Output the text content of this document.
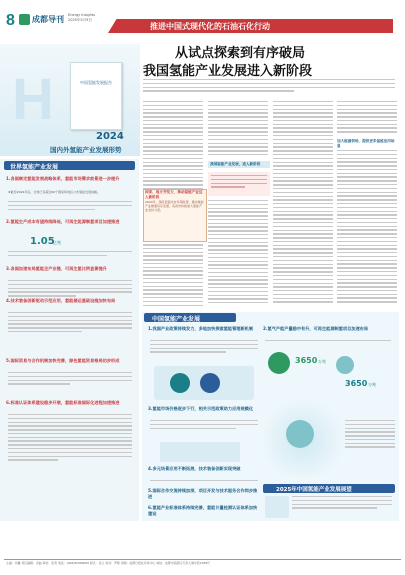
8 成都导刊 Energy Insights
2025年5月9日
推进中国式现代化的石油石化行动
从试点探索到有序破局
我国氢能产业发展进入新阶段
H	中国氢能发展报告
2024
国内外氢能产业发展形势
世界氢能产业发展
1.各国制定氢能发展战略体系，氢能市场需求前景进一步提升
★截至2024年底，全球已有超过60个国家和地区公布氢能发展战略。
2.氢能生产成本有望持续降低，可再生能源制氢项目加速推进
1.05
亿吨
3.各国加速布局氢能全产业链、可再生氢比例显著提升
4.技术装备创新驱动示范应用，氢能储运基础设施加快布局
5.国际贸易与合作机制加快完善，绿色氢能贸易格局初步形成
6.标准认证体系建设稳步开展，氢能标准国际化进程加速推进
国家、地方齐发力，推动氢能产业迈入新阶段
2024年，国家层面出台多项政策，推动氢能产业健康有序发展，各省市持续加大氢能产业支持力度。
我国氢能产业发展，进入新阶段
加大能源供给，提供更多氢能应用场景
中国氢能产业发展
1.我国产业政策持续发力，多地加快探索氢能管理新机制	2.氢气产能产量稳中有升，可再生能源制氢项目加速布局
3650 万吨
3650 万吨
3.氢能市场价格逐步下行，相关示范政策助力应用规模化
4.多元场景应用不断拓展，技术装备创新实现突破
5.国际合作交流持续加深，项目开发与技术服务合作同步推进
6.氢能产业标准体系持续完善，氢能计量检测认证体系加快建设
2025年中国氢能产业发展展望
主编：许巍 责任编辑：邓曲 审校：张雪 电话：(028)82989000 版式：张立 校对：罗婷 印刷：成都日报社印务中心 地址：成都市高新区天府大道中段1388号
